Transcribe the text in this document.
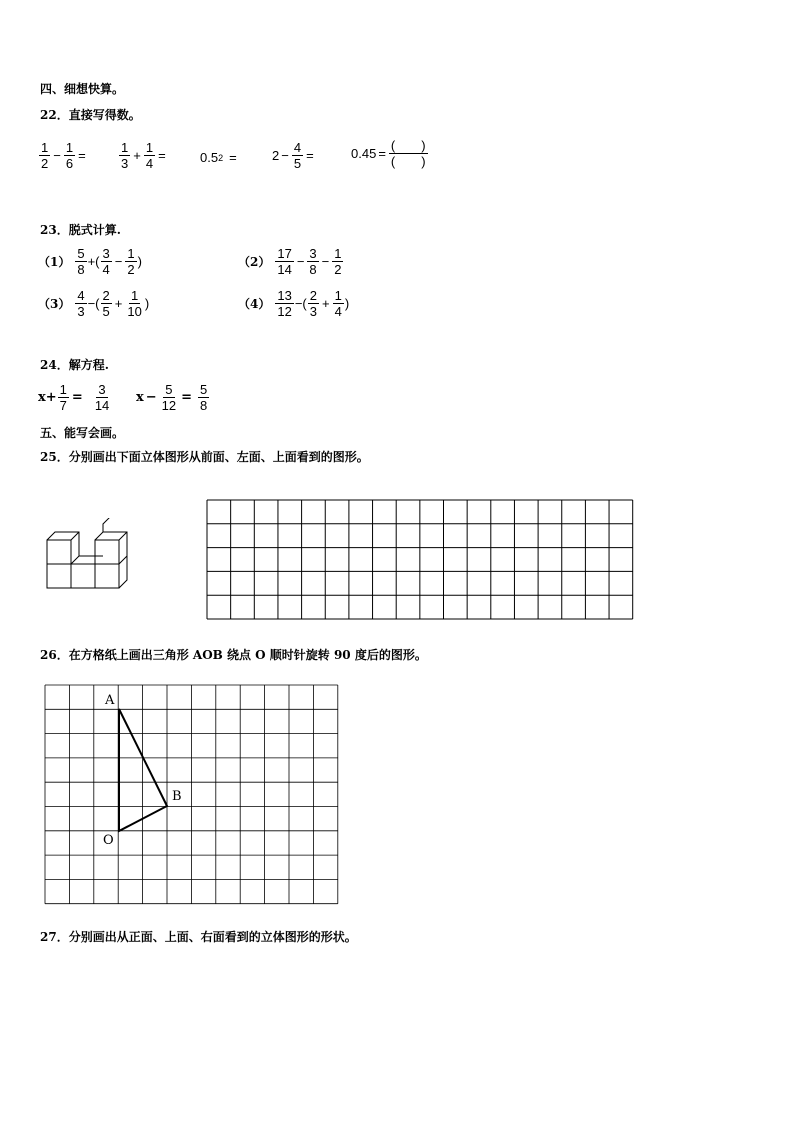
四、细想快算。
22．直接写得数。
$\frac{1}{2} - \frac{1}{6}$ =	$\frac{1}{3} + \frac{1}{4}$ =	0.5 2 =	$2 - \frac{4}{5}$ =	$0.45 = \frac{( )}{( )}$
23．脱式计算.
$(1) \frac{5}{8}$ +( $\frac{3}{4} - \frac{1}{2}$ )	$(2) \frac{17}{14} - \frac{3}{8} - \frac{1}{2}$
$(3) \frac{4}{3}$ −( $\frac{2}{5} + \frac{1}{10}$ )	$(4) \frac{13}{12}$ −( $\frac{2}{3} + \frac{1}{4}$ )
24．解方程.
$x + \frac{1}{7} = \frac{3}{14}$ $x - \frac{5}{12} = \frac{5}{8}$
五、能写会画。
25．分别画出下面立体图形从前面、左面、上面看到的图形。
26．在方格纸上画出三角形 AOB 绕点 O 顺时针旋转 90 度后的图形。
A
B
O
27．分别画出从正面、上面、右面看到的立体图形的形状。
